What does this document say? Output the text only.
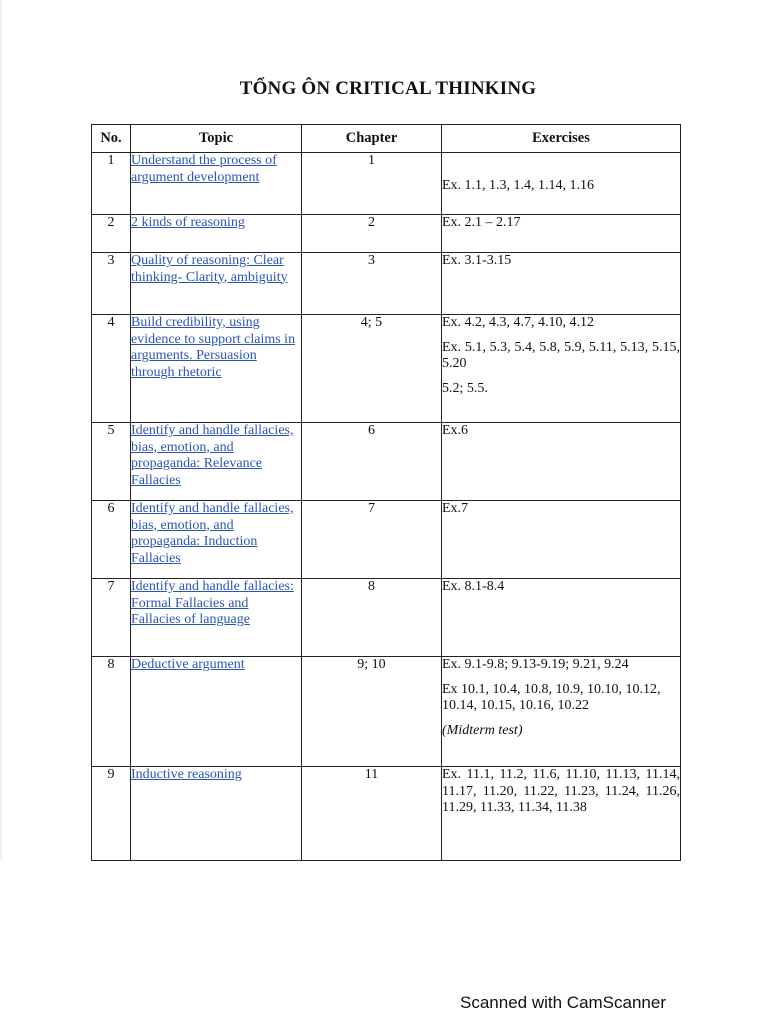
TỔNG ÔN CRITICAL THINKING
No.	Topic	Chapter	Exercises
1	Understand the process of argument development	1	Ex. 1.1, 1.3, 1.4, 1.14, 1.16

2	2 kinds of reasoning	2	Ex. 2.1 – 2.17

3	Quality of reasoning: Clear thinking- Clarity, ambiguity	3	Ex. 3.1-3.15

4	Build credibility, using evidence to support claims in arguments. Persuasion through rhetoric	4; 5	Ex. 4.2, 4.3, 4.7, 4.10, 4.12
Ex. 5.1, 5.3, 5.4, 5.8, 5.9, 5.11, 5.13, 5.15, 5.20
5.2; 5.5.

5	Identify and handle fallacies, bias, emotion, and propaganda: Relevance Fallacies	6	Ex.6

6	Identify and handle fallacies, bias, emotion, and propaganda: Induction Fallacies	7	Ex.7

7	Identify and handle fallacies: Formal Fallacies and Fallacies of language	8	Ex. 8.1-8.4

8	Deductive argument	9; 10	Ex. 9.1-9.8; 9.13-9.19; 9.21, 9.24
Ex 10.1, 10.4, 10.8, 10.9, 10.10, 10.12, 10.14, 10.15, 10.16, 10.22
(Midterm test)

9	Inductive reasoning	11	Ex. 11.1, 11.2, 11.6, 11.10, 11.13, 11.14, 11.17, 11.20, 11.22, 11.23, 11.24, 11.26, 11.29, 11.33, 11.34, 11.38
Scanned with CamScanner
